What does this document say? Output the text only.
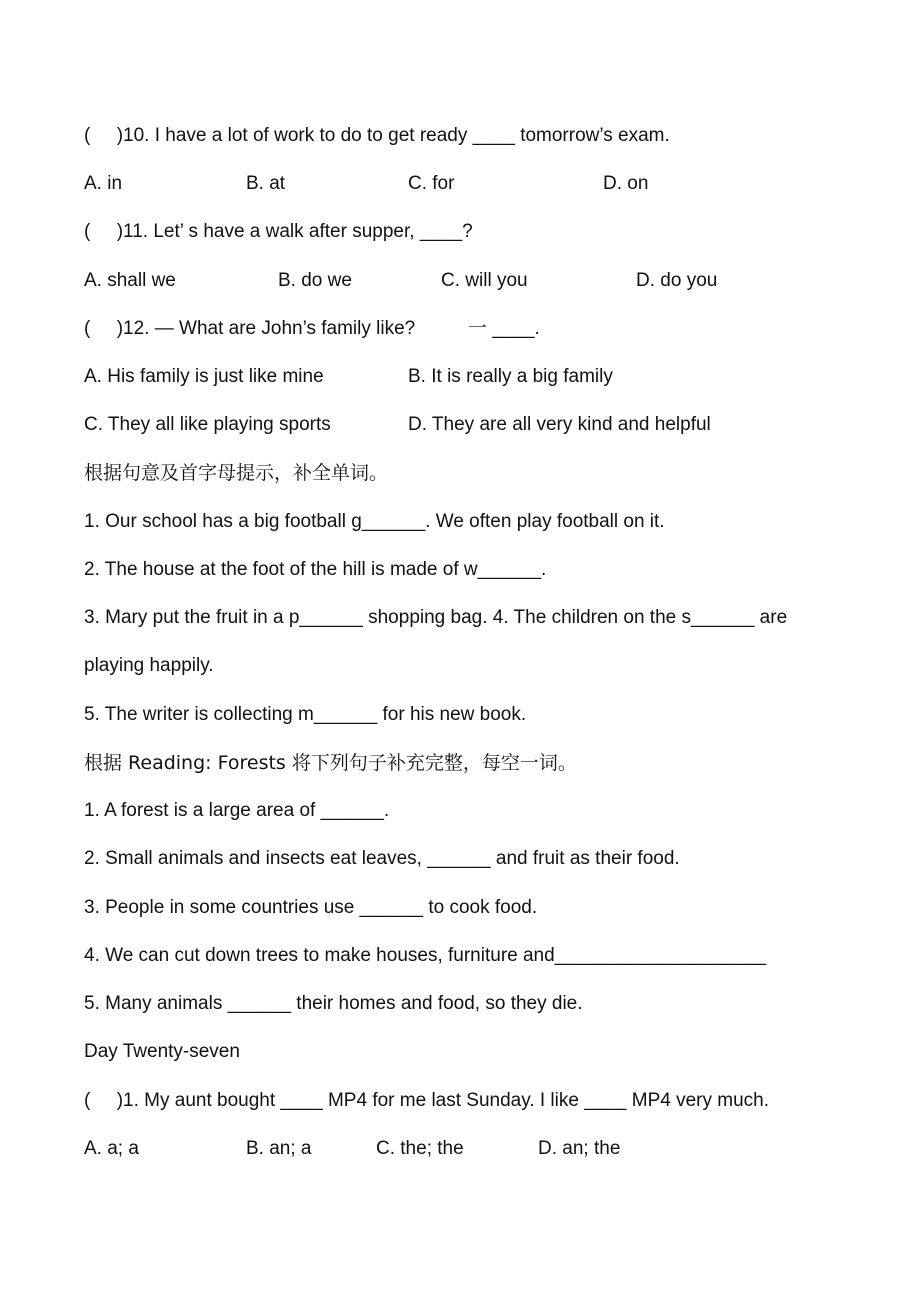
(     )10. I have a lot of work to do to get ready ____ tomorrow’s exam.
A. in	B. at	C. for	D. on
(     )11. Let’ s have a walk after supper, ____?
A. shall we	B. do we	C. will you	D. do you
(     )12. — What are John’s family like?          一 ____.
A. His family is just like mine	B. It is really a big family
C. They all like playing sports	D. They are all very kind and helpful
根据句意及首字母提示，补全单词。
1. Our school has a big football g______. We often play football on it.
2. The house at the foot of the hill is made of w______.
3. Mary put the fruit in a p______ shopping bag. 4. The children on the s______ are
playing happily.
5. The writer is collecting m______ for his new book.
根据 Reading: Forests 将下列句子补充完整，每空一词。
1. A forest is a large area of ______.
2. Small animals and insects eat leaves, ______ and fruit as their food.
3. People in some countries use ______ to cook food.
4. We can cut down trees to make houses, furniture and____________________
5. Many animals ______ their homes and food, so they die.
Day Twenty-seven
(     )1. My aunt bought ____ MP4 for me last Sunday. I like ____ MP4 very much.
A. a; a	B. an; a	C. the; the	D. an; the
